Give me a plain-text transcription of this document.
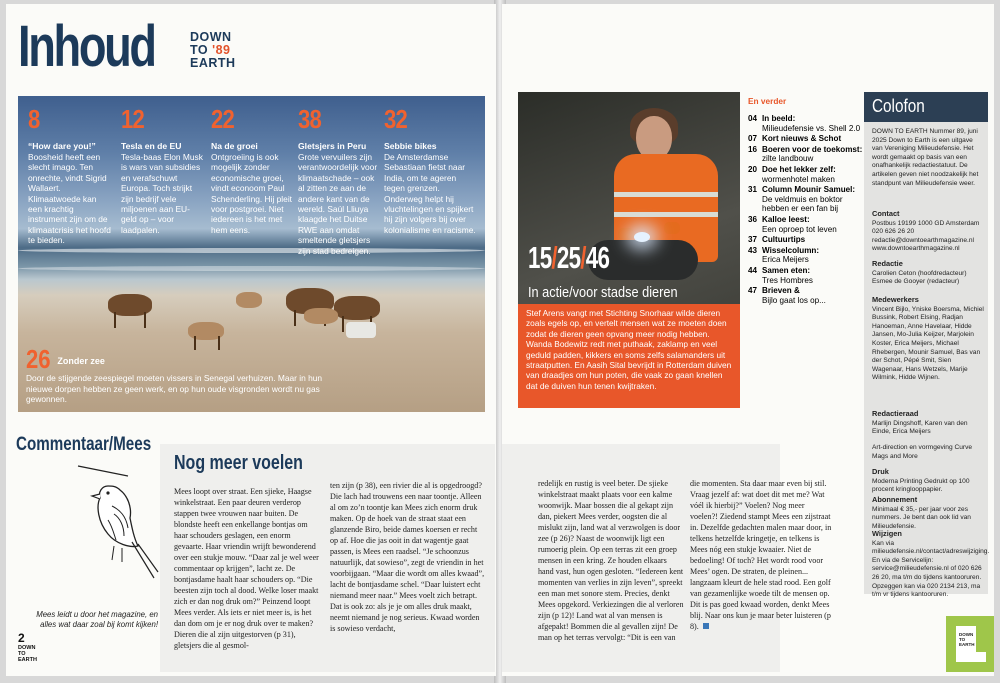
Inhoud	DOWN
TO '89
EARTH
8
“How dare you!”
Boosheid heeft een slecht imago. Ten onrechte, vindt Sigrid Wallaert. Klimaatwoede kan een krachtig instrument zijn om de klimaatcrisis het hoofd te bieden.
12
Tesla en de EU
Tesla-baas Elon Musk is wars van subsidies en verafschuwt Europa. Toch strijkt zijn bedrijf vele miljoenen aan EU-geld op – voor laadpalen.
22
Na de groei
Ontgroeiing is ook mogelijk zonder economische groei, vindt econoom Paul Schenderling. Hij pleit voor postgroei. Niet iedereen is het met hem eens.
38
Gletsjers in Peru
Grote vervuilers zijn verantwoordelijk voor klimaatschade – ook al zitten ze aan de andere kant van de wereld. Saúl Lliuya klaagde het Duitse RWE aan omdat smeltende gletsjers zijn stad bedreigen.
32
Sebbie bikes
De Amsterdamse Sebastiaan fietst naar India, om te ageren tegen grenzen. Onderweg helpt hij vluchtelingen en spijkert hij zijn volgers bij over kolonialisme en racisme.
26 Zonder zee
Door de stijgende zeespiegel moeten vissers in Senegal verhuizen. Maar in hun nieuwe dorpen hebben ze geen werk, en op hun oude visgronden wordt nu gas gewonnen.
Commentaar/Mees
Mees leidt u door het magazine, en alles wat daar zoal bij komt kijken!
2
DOWN
TO
EARTH
Nog meer voelen
Mees loopt over straat. Een sjieke, Haagse winkelstraat. Een paar deuren verderop stappen twee vrouwen naar buiten. De blondste heeft een enkellange bontjas om haar schouders geslagen, een enorm gevaarte. Haar vriendin wrijft bewonderend over een stukje mouw. “Daar zal je wel weer commentaar op krijgen”, lacht ze. De bontjasdame haalt haar schouders op. “Die beesten zijn toch al dood. Welke loser maakt zich er dan nog druk om?” Peinzend loopt Mees verder. Als iets er niet meer is, is het dan dom om je er nog druk over te maken? Dieren die al zijn uitgestorven (p 31), gletsjers die al gesmol-
ten zijn (p 38), een rivier die al is opgedroogd? Die lach had trouwens een naar toontje. Alleen al om zo’n toontje kan Mees zich enorm druk maken. Op de hoek van de straat staat een glanzende Biro, beide dames koersen er recht op af. Hoe die jas ooit in dat wagentje gaat passen, is Mees een raadsel. “Je schoonzus natuurlijk, dat sowieso”, zegt de vriendin in het voorbijgaan. “Maar die wordt om alles kwaad”, lacht de bontjasdame schel. “Daar luistert echt niemand meer naar.” Mees voelt zich betrapt. Dat is ook zo: als je je om alles druk maakt, neemt niemand je nog serieus. Kwaad worden is sowieso verdacht,
15/25/46
In actie/voor stadse dieren

Stef Arens vangt met Stichting Snorhaar wilde dieren zoals egels op, en vertelt mensen wat ze moeten doen zodat de dieren geen opvang meer nodig hebben. Wanda Bodewitz redt met puthaak, zaklamp en veel geduld padden, kikkers en soms zelfs salamanders uit straatputten. En Aasih Sital bevrijdt in Rotterdam duiven van draadjes om hun poten, die vaak zo gaan knellen dat de duiven hun tenen kwijtraken.

En verder
04 In beeld:
Milieudefensie vs. Shell 2.0
07 Kort nieuws & Schot
16 Boeren voor de toekomst:
zilte landbouw
20 Doe het lekker zelf:
wormenhotel maken
31 Column Mounir Samuel:
De veldmuis en boktor hebben er een fan bij
36 Kalloe leest:
Een oproep tot leven
37 Cultuurtips
43 Wisselcolumn:
Erica Meijers
44 Samen eten:
Tres Hombres
47 Brieven &
Bijlo gaat los op...
Colofon
DOWN TO EARTH Nummer 89, juni 2025 Down to Earth is een uitgave van Vereniging Milieudefensie. Het wordt gemaakt op basis van een onafhankelijk redactiestatuut. De artikelen geven niet noodzakelijk het standpunt van Milieudefensie weer.
Contact
Postbus 19199 1000 GD Amsterdam 020 626 26 20 redactie@downtoearthmagazine.nl www.downtoearthmagazine.nl
Redactie
Carolien Ceton (hoofdredacteur) Esmee de Gooyer (redacteur)
Medewerkers
Vincent Bijlo, Yniske Boersma, Michiel Bussink, Robert Elsing, Radjan Hanoeman, Anne Havelaar, Hidde Jansen, Mo-Julia Keijzer, Marjolein Koster, Erica Meijers, Michael Rhebergen, Mounir Samuel, Bas van der Schot, Pépé Smit, Sien Wagenaar, Hans Wetzels, Marije Wilmink, Hidde Wijnen.
Redactieraad
Marlijn Dingshoff, Karen van den Einde, Erica Meijers
Art-direction en vormgeving Curve Mags and More
Druk
Moderna Printing Gedrukt op 100 procent kringlooppapier.
Abonnement
Minimaal € 35,- per jaar voor zes nummers. Je bent dan ook lid van Milieudefensie.
Wijzigen
Kan via milieudefensie.nl/contact/adreswijziging. En via de Servicelijn: service@milieudefensie.nl of 020 626 26 20, ma t/m do tijdens kantooruren. Opzeggen kan via 020 2134 213, ma t/m vr tijdens kantooruren.
redelijk en rustig is veel beter. De sjieke winkelstraat maakt plaats voor een kalme woonwijk. Maar bossen die al gekapt zijn dan, piekert Mees verder, oogsten die al mislukt zijn, land wat al verzwolgen is door zee (p 26)? Naast de woonwijk ligt een rumoerig plein. Op een terras zit een groep mensen in een kring. Ze houden elkaars hand vast, hun ogen gesloten. “Iedereen kent momenten van verlies in zijn leven”, spreekt een man met sonore stem. Precies, denkt Mees opgekord. Verkiezingen die al verloren zijn (p 12)! Land wat al van mensen is afgepakt! Bommen die al gevallen zijn! De man op het terras vervolgt: “Dit is een van
die momenten. Sta daar maar even bij stil. Vraag jezelf af: wat doet dit met me? Wat vóél ik hierbij?” Voelen? Nog meer voelen?! Ziedend stampt Mees een zijstraat in. Dezelfde gedachten malen maar door, in telkens hetzelfde kringetje, en telkens is Mees nóg een stukje kwaaier. Niet de bedoeling! Of toch? Het wordt rood voor Mees’ ogen. De straten, de pleinen... langzaam kleurt de hele stad rood. Een golf van gezamenlijke woede tilt de mensen op. Dit is pas goed kwaad worden, denkt Mees blij. Naar ons kun je maar beter luisteren (p 8).
DOWN
TO
EARTH
